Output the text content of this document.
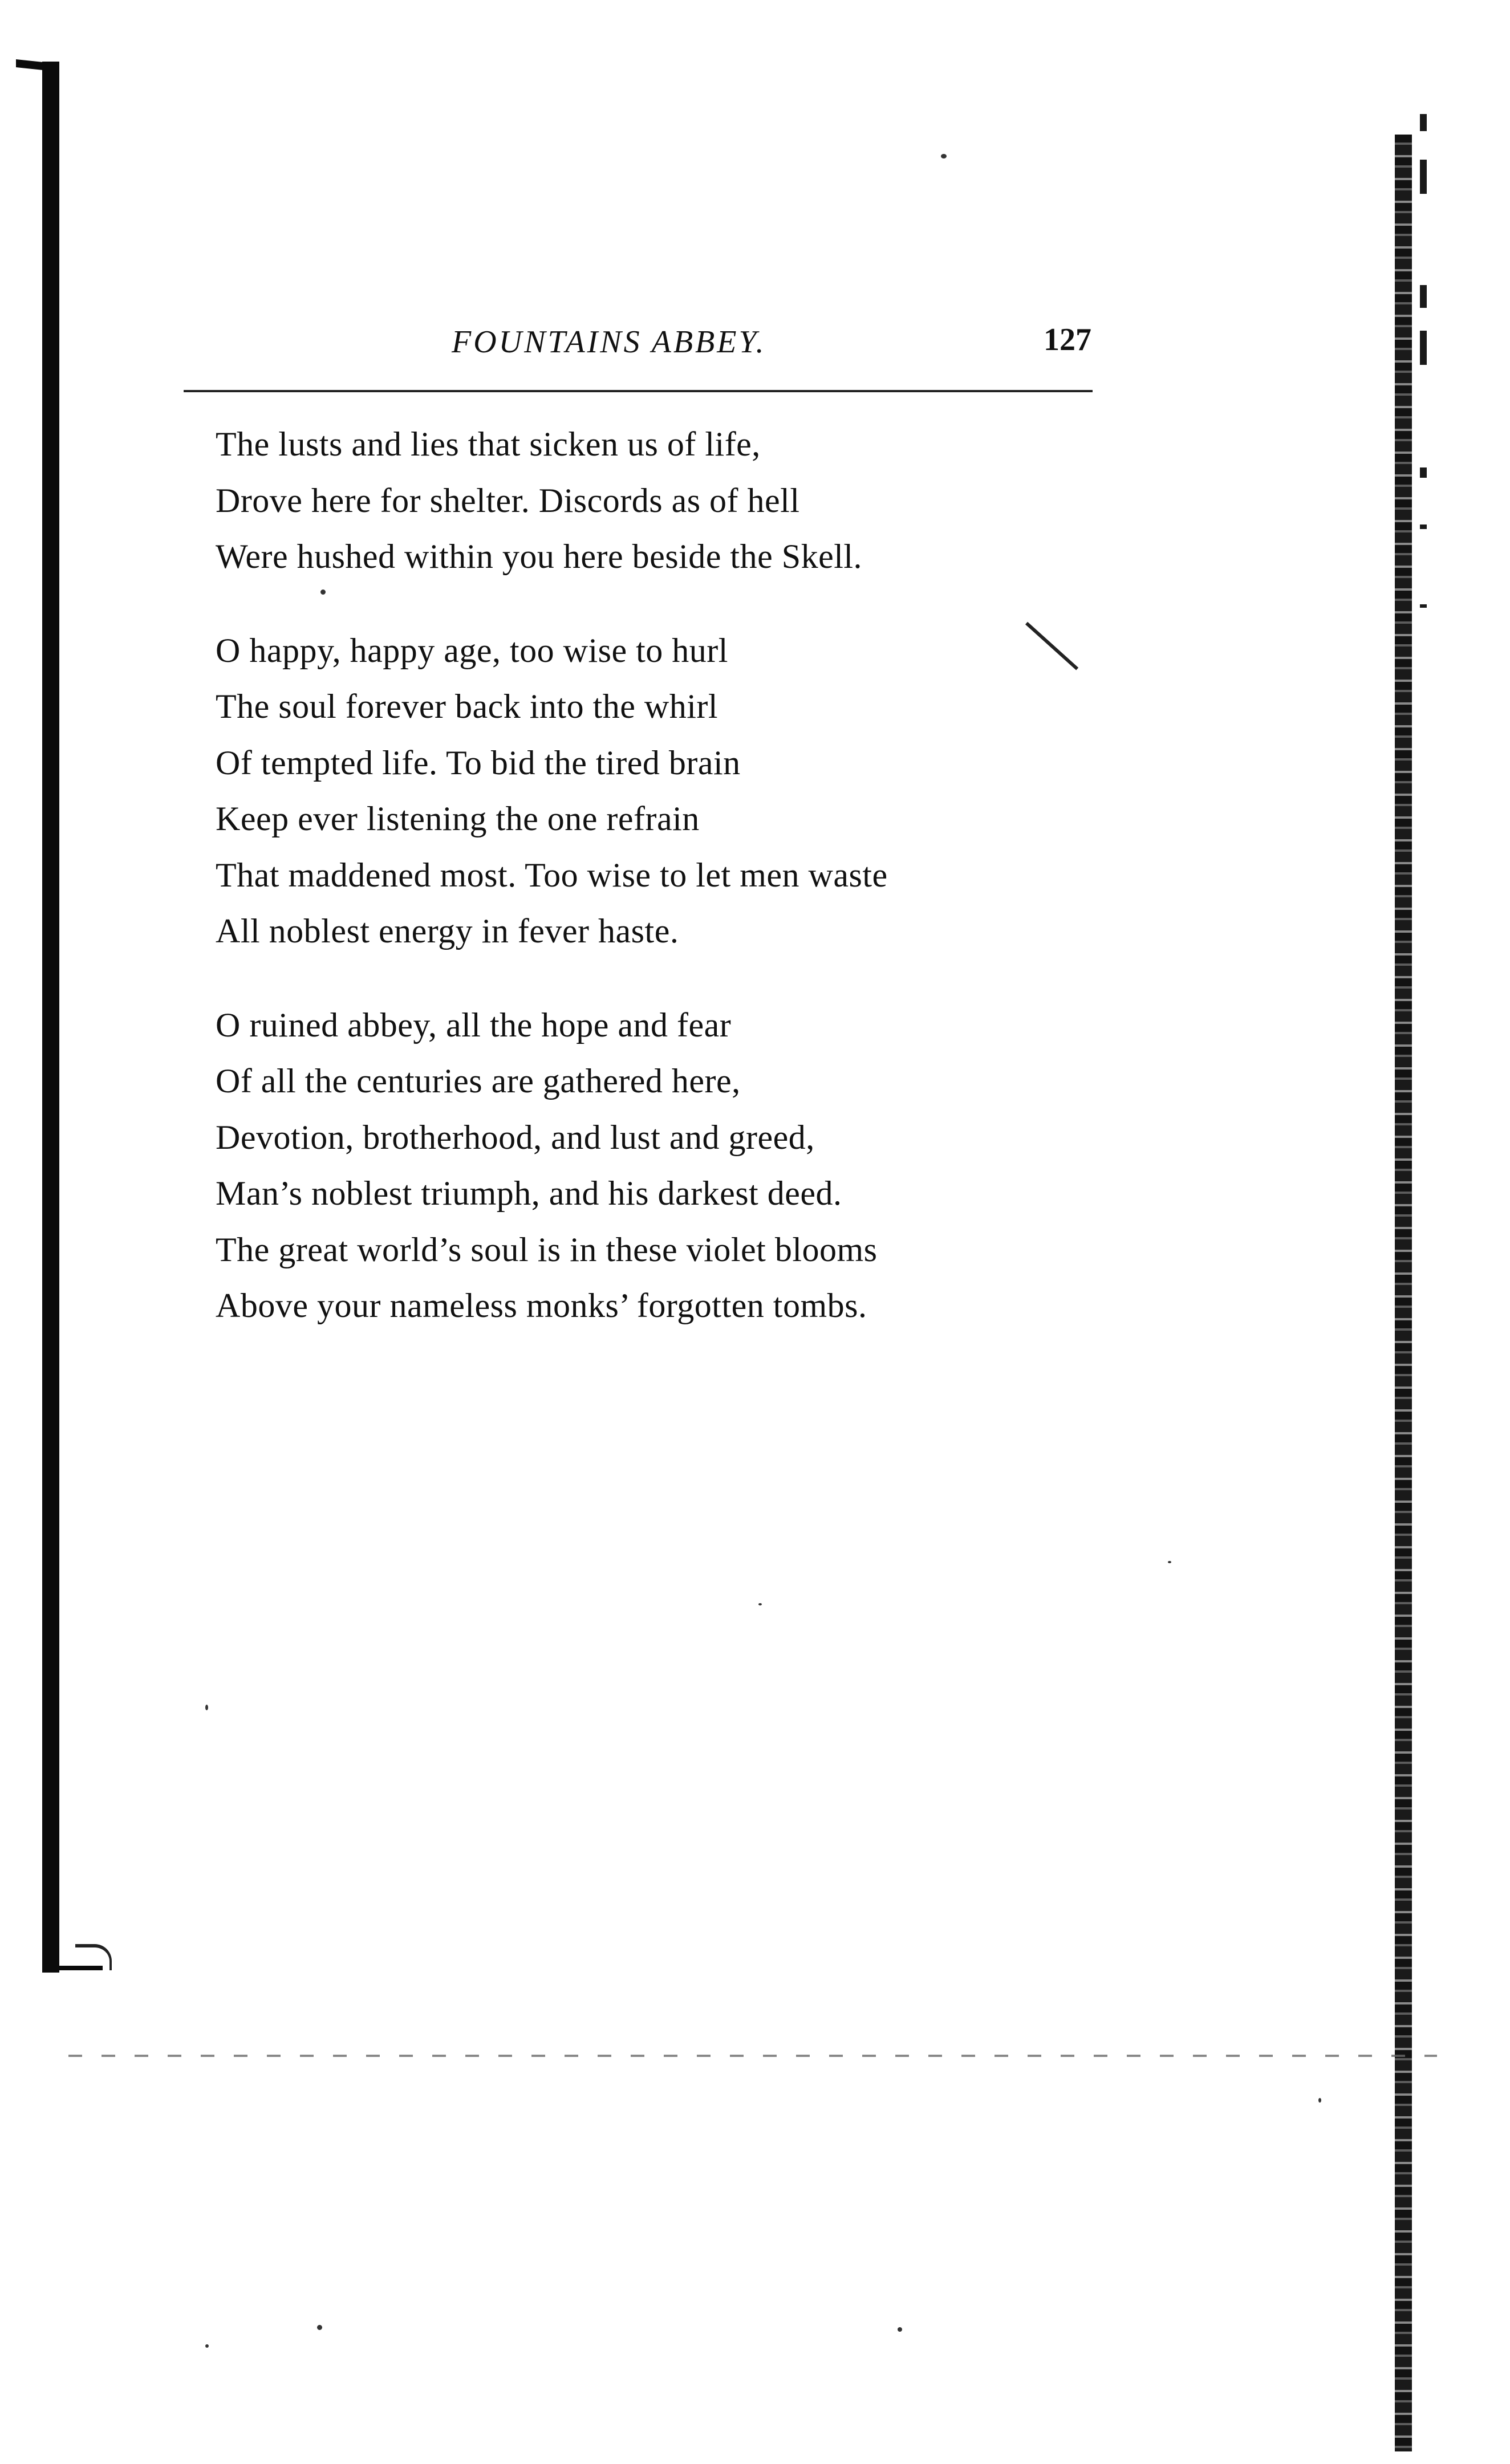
FOUNTAINS ABBEY.	127
The lusts and lies that sicken us of life,
Drove here for shelter. Discords as of hell
Were hushed within you here beside the Skell.
O happy, happy age, too wise to hurl
The soul forever back into the whirl
Of tempted life. To bid the tired brain
Keep ever listening the one refrain
That maddened most. Too wise to let men waste
All noblest energy in fever haste.
O ruined abbey, all the hope and fear
Of all the centuries are gathered here,
Devotion, brotherhood, and lust and greed,
Man’s noblest triumph, and his darkest deed.
The great world’s soul is in these violet blooms
Above your nameless monks’ forgotten tombs.
